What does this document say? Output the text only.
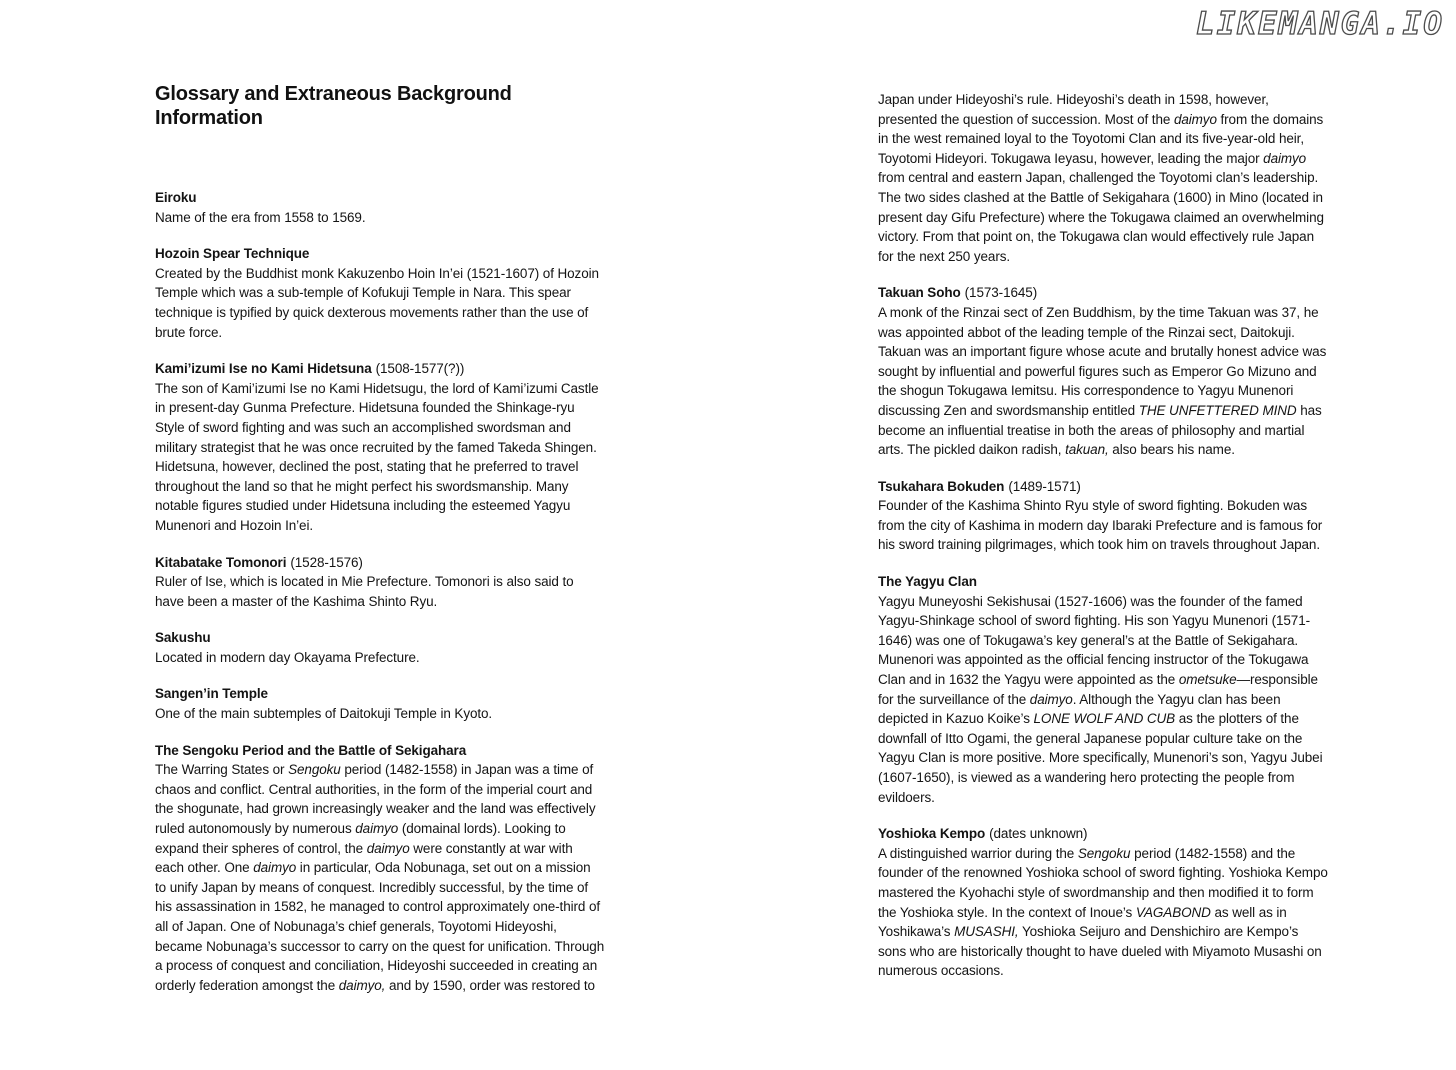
LIKEMANGA.IO
Glossary and Extraneous Background Information
Eiroku

Name of the era from 1558 to 1569.

Hozoin Spear Technique

Created by the Buddhist monk Kakuzenbo Hoin In’ei (1521-1607) of Hozoin Temple which was a sub-temple of Kofukuji Temple in Nara. This spear technique is typified by quick dexterous movements rather than the use of brute force.

Kami’izumi Ise no Kami Hidetsuna (1508-1577(?))

The son of Kami’izumi Ise no Kami Hidetsugu, the lord of Kami’izumi Castle in present-day Gunma Prefecture. Hidetsuna founded the Shinkage-ryu Style of sword fighting and was such an accomplished swordsman and military strategist that he was once recruited by the famed Takeda Shingen. Hidetsuna, however, declined the post, stating that he preferred to travel throughout the land so that he might perfect his swordsmanship. Many notable figures studied under Hidetsuna including the esteemed Yagyu Munenori and Hozoin In’ei.

Kitabatake Tomonori (1528-1576)

Ruler of Ise, which is located in Mie Prefecture. Tomonori is also said to have been a master of the Kashima Shinto Ryu.

Sakushu

Located in modern day Okayama Prefecture.

Sangen’in Temple

One of the main subtemples of Daitokuji Temple in Kyoto.

The Sengoku Period and the Battle of Sekigahara

The Warring States or Sengoku period (1482-1558) in Japan was a time of chaos and conflict. Central authorities, in the form of the imperial court and the shogunate, had grown increasingly weaker and the land was effectively ruled autonomously by numerous daimyo (domainal lords). Looking to expand their spheres of control, the daimyo were constantly at war with each other. One daimyo in particular, Oda Nobunaga, set out on a mission to unify Japan by means of conquest. Incredibly successful, by the time of his assassination in 1582, he managed to control approximately one-third of all of Japan. One of Nobunaga’s chief generals, Toyotomi Hideyoshi, became Nobunaga’s successor to carry on the quest for unification. Through a process of conquest and conciliation, Hideyoshi succeeded in creating an orderly federation amongst the daimyo, and by 1590, order was restored to

Japan under Hideyoshi’s rule. Hideyoshi’s death in 1598, however, presented the question of succession. Most of the daimyo from the domains in the west remained loyal to the Toyotomi Clan and its five-year-old heir, Toyotomi Hideyori. Tokugawa Ieyasu, however, leading the major daimyo from central and eastern Japan, challenged the Toyotomi clan’s leadership. The two sides clashed at the Battle of Sekigahara (1600) in Mino (located in present day Gifu Prefecture) where the Tokugawa claimed an overwhelming victory. From that point on, the Tokugawa clan would effectively rule Japan for the next 250 years.

Takuan Soho (1573-1645)

A monk of the Rinzai sect of Zen Buddhism, by the time Takuan was 37, he was appointed abbot of the leading temple of the Rinzai sect, Daitokuji. Takuan was an important figure whose acute and brutally honest advice was sought by influential and powerful figures such as Emperor Go Mizuno and the shogun Tokugawa Iemitsu. His correspondence to Yagyu Munenori discussing Zen and swordsmanship entitled THE UNFETTERED MIND has become an influential treatise in both the areas of philosophy and martial arts. The pickled daikon radish, takuan, also bears his name.

Tsukahara Bokuden (1489-1571)

Founder of the Kashima Shinto Ryu style of sword fighting. Bokuden was from the city of Kashima in modern day Ibaraki Prefecture and is famous for his sword training pilgrimages, which took him on travels throughout Japan.

The Yagyu Clan

Yagyu Muneyoshi Sekishusai (1527-1606) was the founder of the famed Yagyu-Shinkage school of sword fighting. His son Yagyu Munenori (1571-1646) was one of Tokugawa’s key general’s at the Battle of Sekigahara. Munenori was appointed as the official fencing instructor of the Tokugawa Clan and in 1632 the Yagyu were appointed as the ometsuke—responsible for the surveillance of the daimyo. Although the Yagyu clan has been depicted in Kazuo Koike’s LONE WOLF AND CUB as the plotters of the downfall of Itto Ogami, the general Japanese popular culture take on the Yagyu Clan is more positive. More specifically, Munenori’s son, Yagyu Jubei (1607-1650), is viewed as a wandering hero protecting the people from evildoers.

Yoshioka Kempo (dates unknown)

A distinguished warrior during the Sengoku period (1482-1558) and the founder of the renowned Yoshioka school of sword fighting. Yoshioka Kempo mastered the Kyohachi style of swordmanship and then modified it to form the Yoshioka style. In the context of Inoue’s VAGABOND as well as in Yoshikawa’s MUSASHI, Yoshioka Seijuro and Denshichiro are Kempo’s sons who are historically thought to have dueled with Miyamoto Musashi on numerous occasions.
